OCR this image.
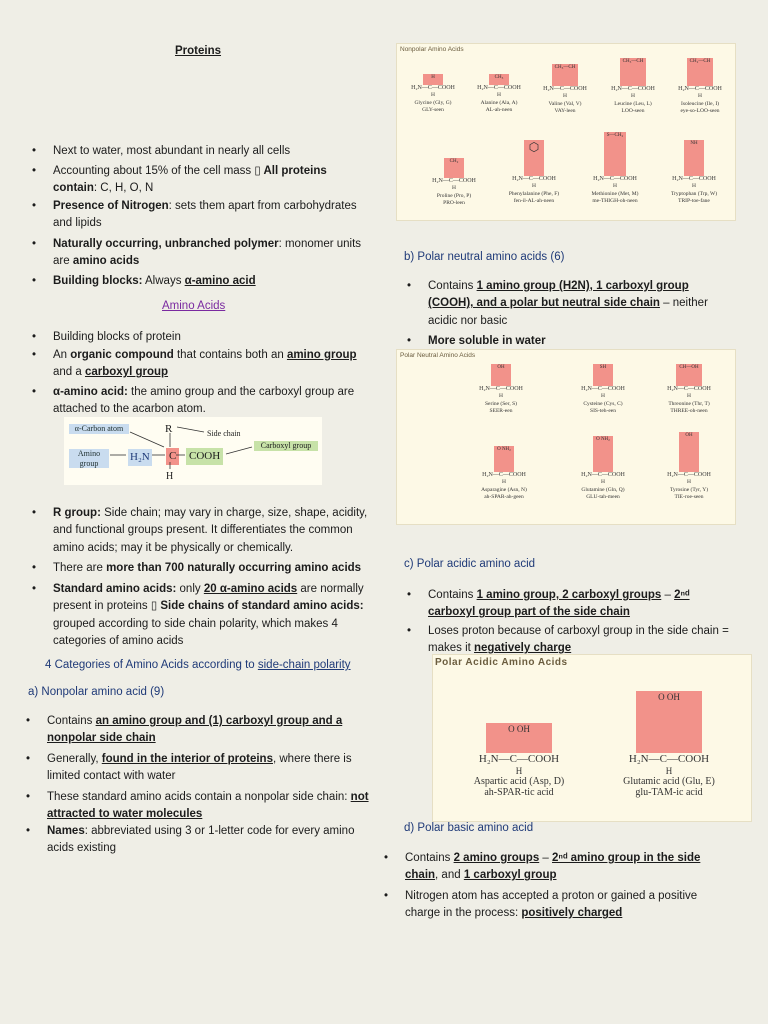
Proteins
• Next to water, most abundant in nearly all cells
• Accounting about 15% of the cell mass ▯ All proteins contain: C, H, O, N
• Presence of Nitrogen: sets them apart from carbohydrates and lipids
• Naturally occurring, unbranched polymer: monomer units are amino acids
• Building blocks: Always α-amino acid
Amino Acids
• Building blocks of protein
• An organic compound that contains both an amino group and a carboxyl group
• α-amino acid: the amino group and the carboxyl group are attached to the acarbon atom.
α-Carbon atom
Amino group
R	Side chain
Carboxyl group
H₂N C COOH
H
• R group: Side chain; may vary in charge, size, shape, acidity, and functional groups present. It differentiates the common amino acids; may it be physically or chemically.
• There are more than 700 naturally occurring amino acids
• Standard amino acids: only 20 α-amino acids are normally present in proteins ▯ Side chains of standard amino acids: grouped according to side chain polarity, which makes 4 categories of amino acids
4 Categories of Amino Acids according to side-chain polarity
a) Nonpolar amino acid (9)
• Contains an amino group and (1) carboxyl group and a nonpolar side chain
• Generally, found in the interior of proteins, where there is limited contact with water
• These standard amino acids contain a nonpolar side chain: not attracted to water molecules
• Names: abbreviated using 3 or 1-letter code for every amino acids existing
Nonpolar Amino Acids
H
H₂N—C—COOH
H
Glycine (Gly, G)
GLY-seen
CH₃
H₂N—C—COOH
H
Alanine (Ala, A)
AL-ah-neen
CH₃—CH
H₂N—C—COOH
H
Valine (Val, V)
VAY-leen
CH₃—CH
H₂N—C—COOH
H
Leucine (Leu, L)
LOO-seen
CH₂—CH
H₂N—C—COOH
H
Isoleucine (Ile, I)
eye-so-LOO-seen
CH₂
H₂N—C—COOH
H
Proline (Pro, P)
PRO-leen
⬡
H₂N—C—COOH
H
Phenylalanine (Phe, F)
fen-il-AL-ah-neen
S—CH₂
H₂N—C—COOH
H
Methionine (Met, M)
me-THIGH-oh-neen
NH
H₂N—C—COOH
H
Tryptophan (Trp, W)
TRIP-toe-fane
b) Polar neutral amino acids (6)
• Contains 1 amino group (H2N), 1 carboxyl group (COOH), and a polar but neutral side chain – neither acidic nor basic
• More soluble in water
Polar Neutral Amino Acids
OH
H₂N—C—COOH
H
Serine (Ser, S)
SEER-een
SH
H₂N—C—COOH
H
Cysteine (Cys, C)
SIS-teh-een
CH—OH
H₂N—C—COOH
H
Threonine (Thr, T)
THREE-oh-neen
O NH₂
H₂N—C—COOH
H
Asparagine (Asn, N)
ah-SPAR-ah-geen
O NH₂
H₂N—C—COOH
H
Glutamine (Gln, Q)
GLU-tah-meen
OH
H₂N—C—COOH
H
Tyrosine (Tyr, Y)
TIE-roe-seen
c) Polar acidic amino acid
• Contains 1 amino group, 2 carboxyl groups – 2ⁿᵈ carboxyl group part of the side chain
• Loses proton because of carboxyl group in the side chain = makes it negatively charge
Polar Acidic Amino Acids
O OH
H₂N—C—COOH
H
Aspartic acid (Asp, D)
ah-SPAR-tic acid
O OH
H₂N—C—COOH
H
Glutamic acid (Glu, E)
glu-TAM-ic acid
d) Polar basic amino acid
• Contains 2 amino groups – 2ⁿᵈ amino group in the side chain, and 1 carboxyl group
• Nitrogen atom has accepted a proton or gained a positive charge in the process: positively charged
